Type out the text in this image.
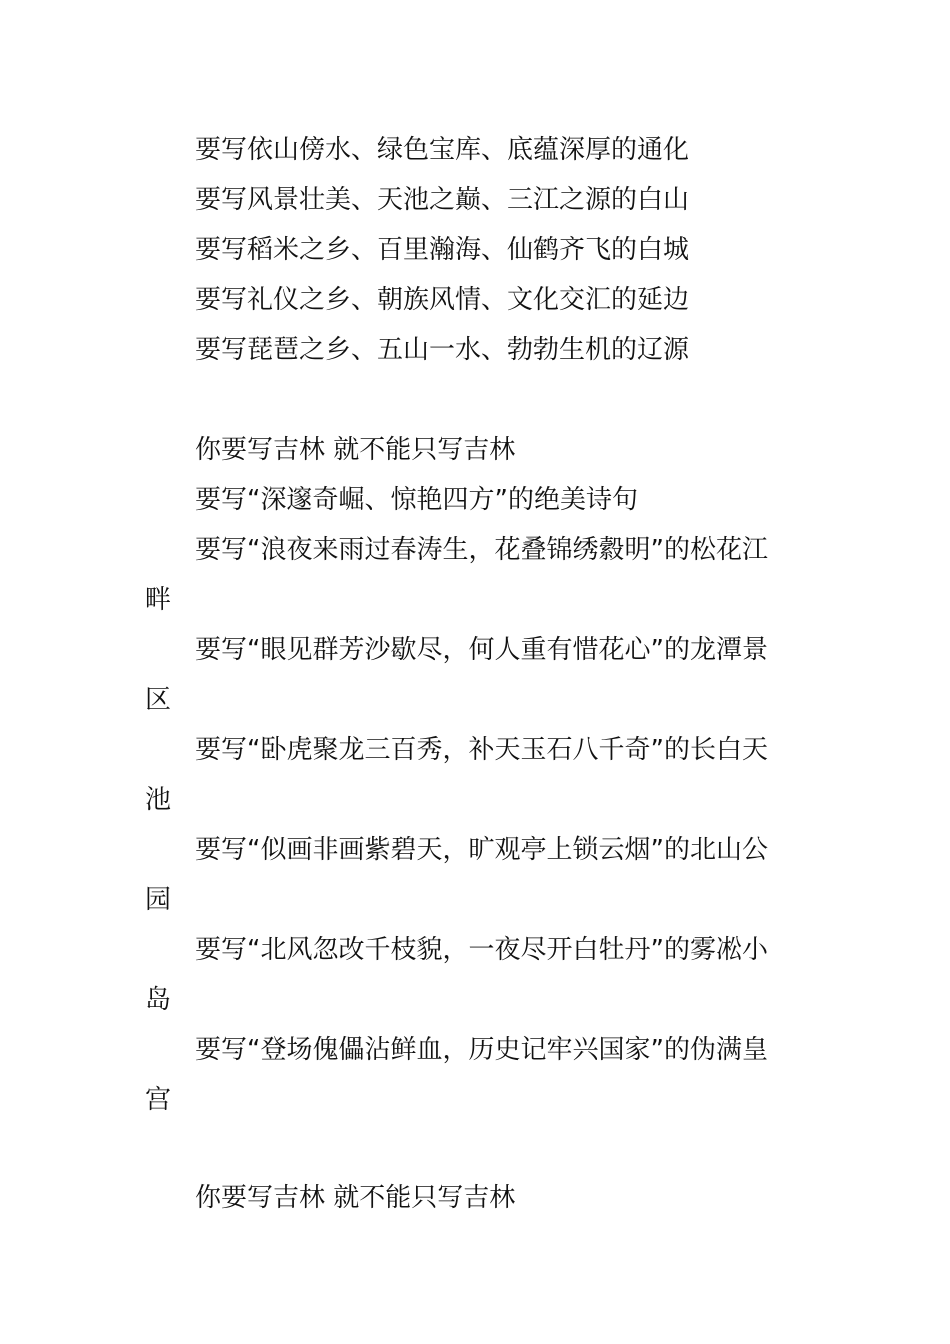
要写依山傍水、绿色宝库、底蕴深厚的通化
要写风景壮美、天池之巅、三江之源的白山
要写稻米之乡、百里瀚海、仙鹤齐飞的白城
要写礼仪之乡、朝族风情、文化交汇的延边
要写琵琶之乡、五山一水、勃勃生机的辽源
你要写吉林 就不能只写吉林
要写“深邃奇崛、惊艳四方”的绝美诗句
要写“浪夜来雨过春涛生，花叠锦绣縠明”的松花江
畔
要写“眼见群芳沙歇尽，何人重有惜花心”的龙潭景
区
要写“卧虎聚龙三百秀，补天玉石八千奇”的长白天
池
要写“似画非画紫碧天，旷观亭上锁云烟”的北山公
园
要写“北风忽改千枝貌，一夜尽开白牡丹”的雾凇小
岛
要写“登场傀儡沾鲜血，历史记牢兴国家”的伪满皇
宫
你要写吉林 就不能只写吉林
